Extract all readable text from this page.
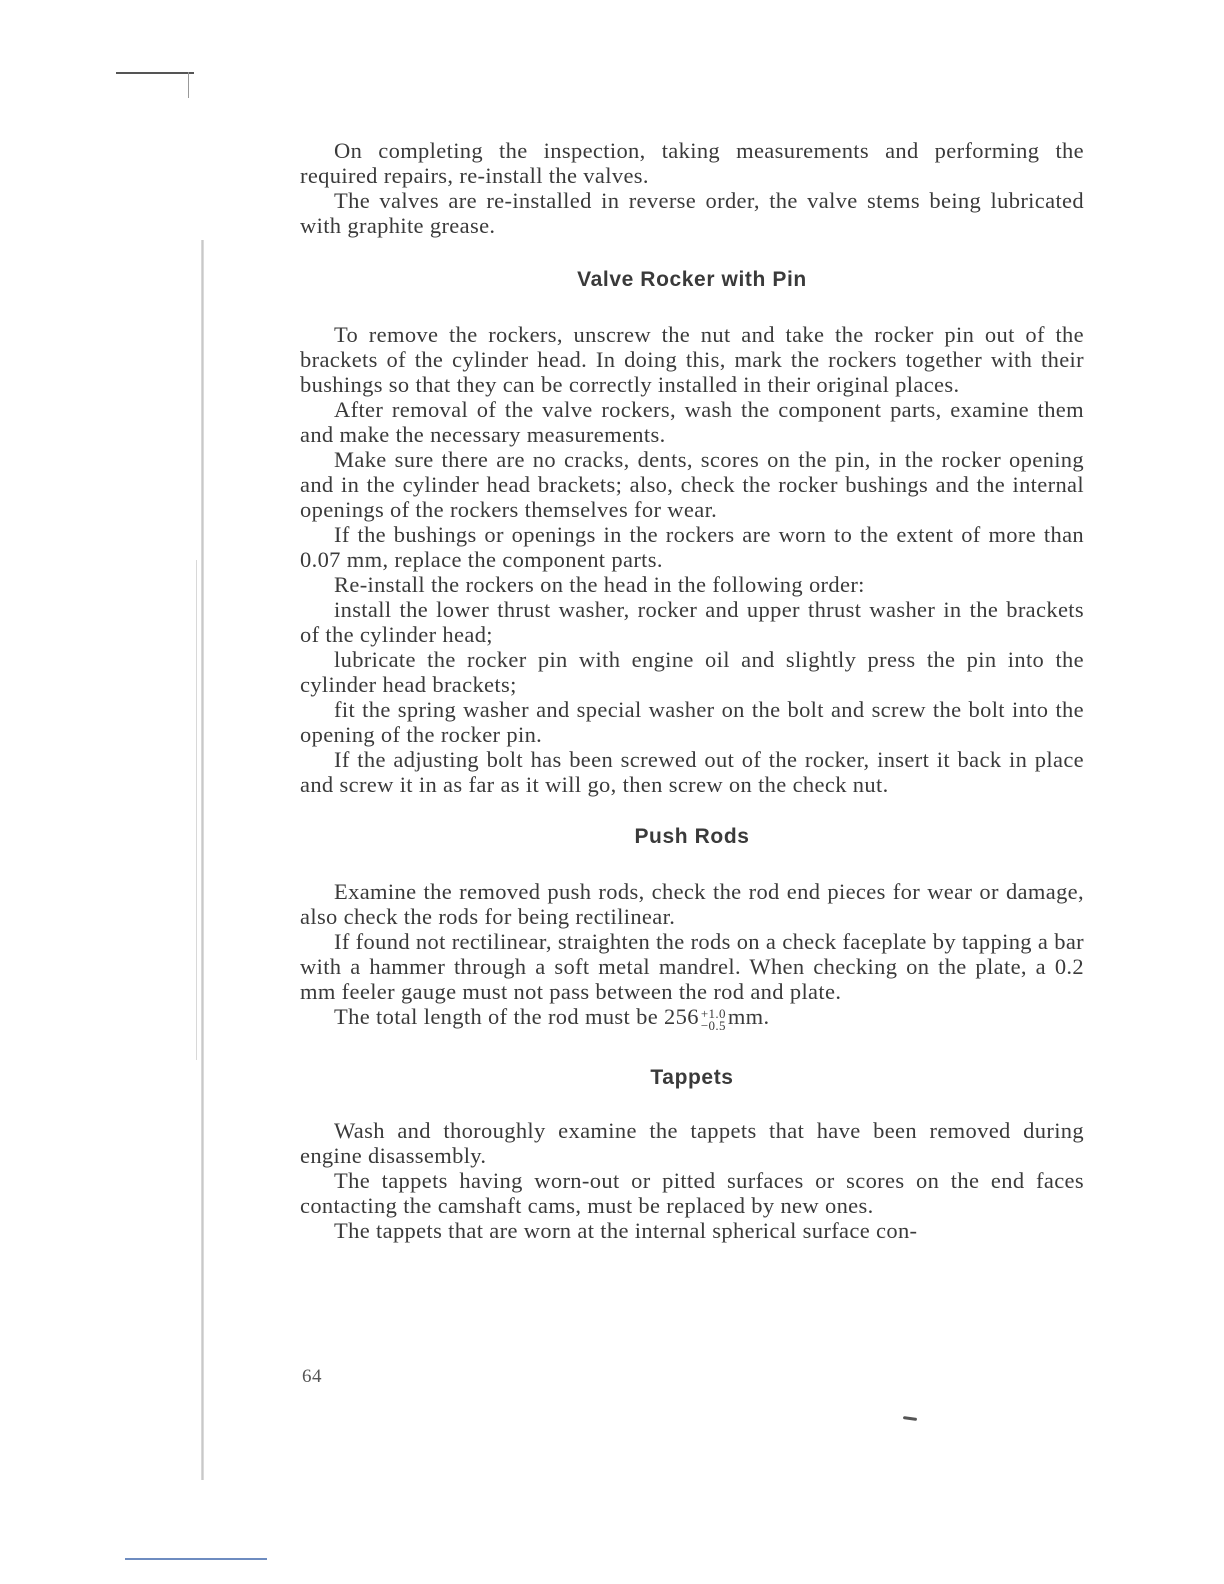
On completing the inspection, taking measurements and performing the required repairs, re-install the valves.

The valves are re-installed in reverse order, the valve stems being lubricated with graphite grease.

Valve Rocker with Pin

To remove the rockers, unscrew the nut and take the rocker pin out of the brackets of the cylinder head. In doing this, mark the rockers together with their bushings so that they can be correctly installed in their original places.

After removal of the valve rockers, wash the component parts, examine them and make the necessary measurements.

Make sure there are no cracks, dents, scores on the pin, in the rocker opening and in the cylinder head brackets; also, check the rocker bushings and the internal openings of the rockers themselves for wear.

If the bushings or openings in the rockers are worn to the extent of more than 0.07 mm, replace the component parts.

Re-install the rockers on the head in the following order:

install the lower thrust washer, rocker and upper thrust washer in the brackets of the cylinder head;

lubricate the rocker pin with engine oil and slightly press the pin into the cylinder head brackets;

fit the spring washer and special washer on the bolt and screw the bolt into the opening of the rocker pin.

If the adjusting bolt has been screwed out of the rocker, insert it back in place and screw it in as far as it will go, then screw on the check nut.

Push Rods

Examine the removed push rods, check the rod end pieces for wear or damage, also check the rods for being rectilinear.

If found not rectilinear, straighten the rods on a check faceplate by tapping a bar with a hammer through a soft metal mandrel. When checking on the plate, a 0.2 mm feeler gauge must not pass between the rod and plate.

The total length of the rod must be 256 +1.0
−0.5 mm.

Tappets

Wash and thoroughly examine the tappets that have been removed during engine disassembly.

The tappets having worn-out or pitted surfaces or scores on the end faces contacting the camshaft cams, must be replaced by new ones.

The tappets that are worn at the internal spherical surface con-

64
